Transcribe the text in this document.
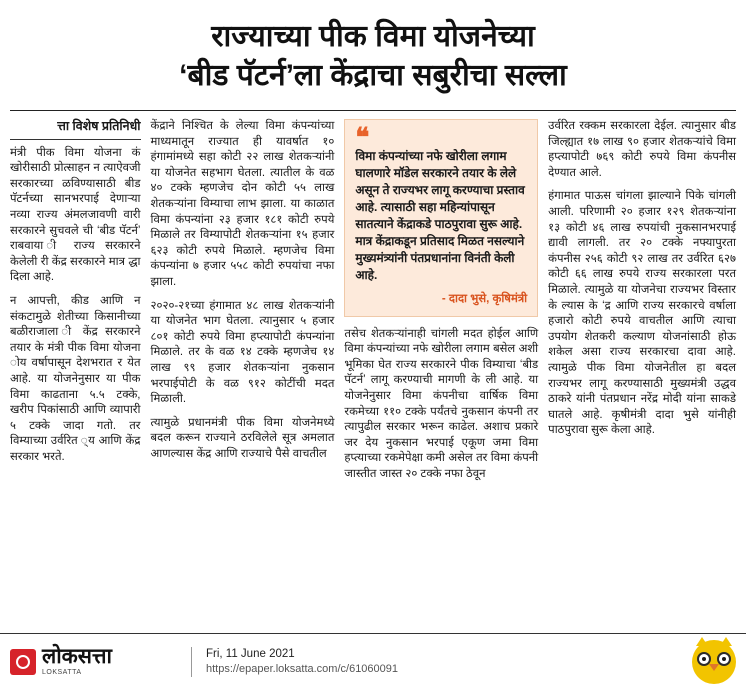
राज्याच्या पीक विमा योजनेच्या
‘बीड पॅटर्न’ला केंद्राचा सबुरीचा सल्ला
त्ता विशेष प्रतिनिधी

मंत्री पीक विमा योजना कं खोरीसाठी प्रोत्साहन न त्याऐवजी सरकारच्या ळविण्यासाठी बीड पॅटर्नच्या सानभरपाई देणाऱ्या नव्या राज्य अंमलजावणी वारी सरकारने सुचवले ची ‘बीड पॅटर्न’ राबवाया ी राज्य सरकारने केलेली री केंद्र सरकारने मात्र द्धा दिला आहे.

न आपत्ती, कीड आणि न संकटामुळे शेतीच्या किसानीच्या बळीराजाला ी केंद्र सरकारने तयार के मंत्री पीक विमा योजना ोय वर्षापासून देशभरात र येत आहे. या योजनेनुसार या पीक विमा काढताना ५.५ टक्के, खरीप पिकांसाठी आणि व्यापारी ५ टक्के जादा गतो. तर विम्याच्या उर्वरित ्य आणि केंद्र सरकार भरते.

केंद्राने निश्चित के लेल्या विमा कंपन्यांच्या माध्यमातून राज्यात ही यावर्षात १० हंगामांमध्ये सहा कोटी २२ लाख शेतकऱ्यांनी या योजनेत सहभाग घेतला. त्यातील के वळ ४० टक्के म्हणजेच दोन कोटी ५५ लाख शेतकऱ्यांना विम्याचा लाभ झाला. या काळात विमा कंपन्यांना २३ हजार १८१ कोटी रुपये मिळाले तर विम्यापोटी शेतकऱ्यांना १५ हजार ६२३ कोटी रुपये मिळाले. म्हणजेच विमा कंपन्यांना ७ हजार ५५८ कोटी रुपयांचा नफा झाला.

२०२०-२१च्या हंगामात ४८ लाख शेतकऱ्यांनी या योजनेत भाग घेतला. त्यानुसार ५ हजार ८०१ कोटी रुपये विमा हप्त्यापोटी कंपन्यांना मिळाले. तर के वळ १४ टक्के म्हणजेच १४ लाख ९९ हजार शेतकऱ्यांना नुकसान भरपाईपोटी के वळ ९१२ कोटींची मदत मिळाली.

त्यामुळे प्रधानमंत्री पीक विमा योजनेमध्ये बदल करून राज्याने ठरविलेले सूत्र अमलात आणल्यास केंद्र आणि राज्याचे पैसे वाचतील

❝

विमा कंपन्यांच्या नफे खोरीला लगाम घालणारे मॉडेल सरकारने तयार के लेले असून ते राज्यभर लागू करण्याचा प्रस्ताव आहे. त्यासाठी सहा महिन्यांपासून सातत्याने केंद्राकडे पाठपुरावा सुरू आहे. मात्र केंद्राकडून प्रतिसाद मिळत नसल्याने मुख्यमंत्र्यांनी पंतप्रधानांना विनंती केली आहे.

- दादा भुसे, कृषिमंत्री

तसेच शेतकऱ्यांनाही चांगली मदत होईल आणि विमा कंपन्यांच्या नफे खोरीला लगाम बसेल अशी भूमिका घेत राज्य सरकारने पीक विम्याचा ‘बीड पॅटर्न’ लागू करण्याची मागणी के ली आहे. या योजनेनुसार विमा कंपनीचा वार्षिक विमा रकमेच्या ११० टक्के पर्यंतचे नुकसान कंपनी तर त्यापुढील सरकार भरून काढेल. अशाच प्रकारे जर देय नुकसान भरपाई एकूण जमा विमा हप्त्याच्या रकमेपेक्षा कमी असेल तर विमा कंपनी जास्तीत जास्त २० टक्के नफा ठेवून

उर्वरित रक्कम सरकारला देईल. त्यानुसार बीड जिल्ह्यात १७ लाख ९० हजार शेतकऱ्यांचे विमा हप्त्यापोटी ७६९ कोटी रुपये विमा कंपनीस देण्यात आले.

हंगामात पाऊस चांगला झाल्याने पिके चांगली आली. परिणामी २० हजार १२९ शेतकऱ्यांना १३ कोटी ४६ लाख रुपयांची नुकसानभरपाई द्यावी लागली. तर २० टक्के नफ्यापुरता कंपनीस २५६ कोटी ९२ लाख तर उर्वरित ६२७ कोटी ६६ लाख रुपये राज्य सरकारला परत मिळाले. त्यामुळे या योजनेचा राज्यभर विस्तार के ल्यास के ‘द्र आणि राज्य सरकारचे वर्षाला हजारो कोटी रुपये वाचतील आणि त्याचा उपयोग शेतकरी कल्याण योजनांसाठी होऊ शकेल असा राज्य सरकारचा दावा आहे. त्यामुळे पीक विमा योजनेतील हा बदल राज्यभर लागू करण्यासाठी मुख्यमंत्री उद्धव ठाकरे यांनी पंतप्रधान नरेंद्र मोदी यांना साकडे घातले आहे. कृषीमंत्री दादा भुसे यांनीही पाठपुरावा सुरू केला आहे.

लोकसत्ता
LOKSATTA
Fri, 11 June 2021
https://epaper.loksatta.com/c/61060091
